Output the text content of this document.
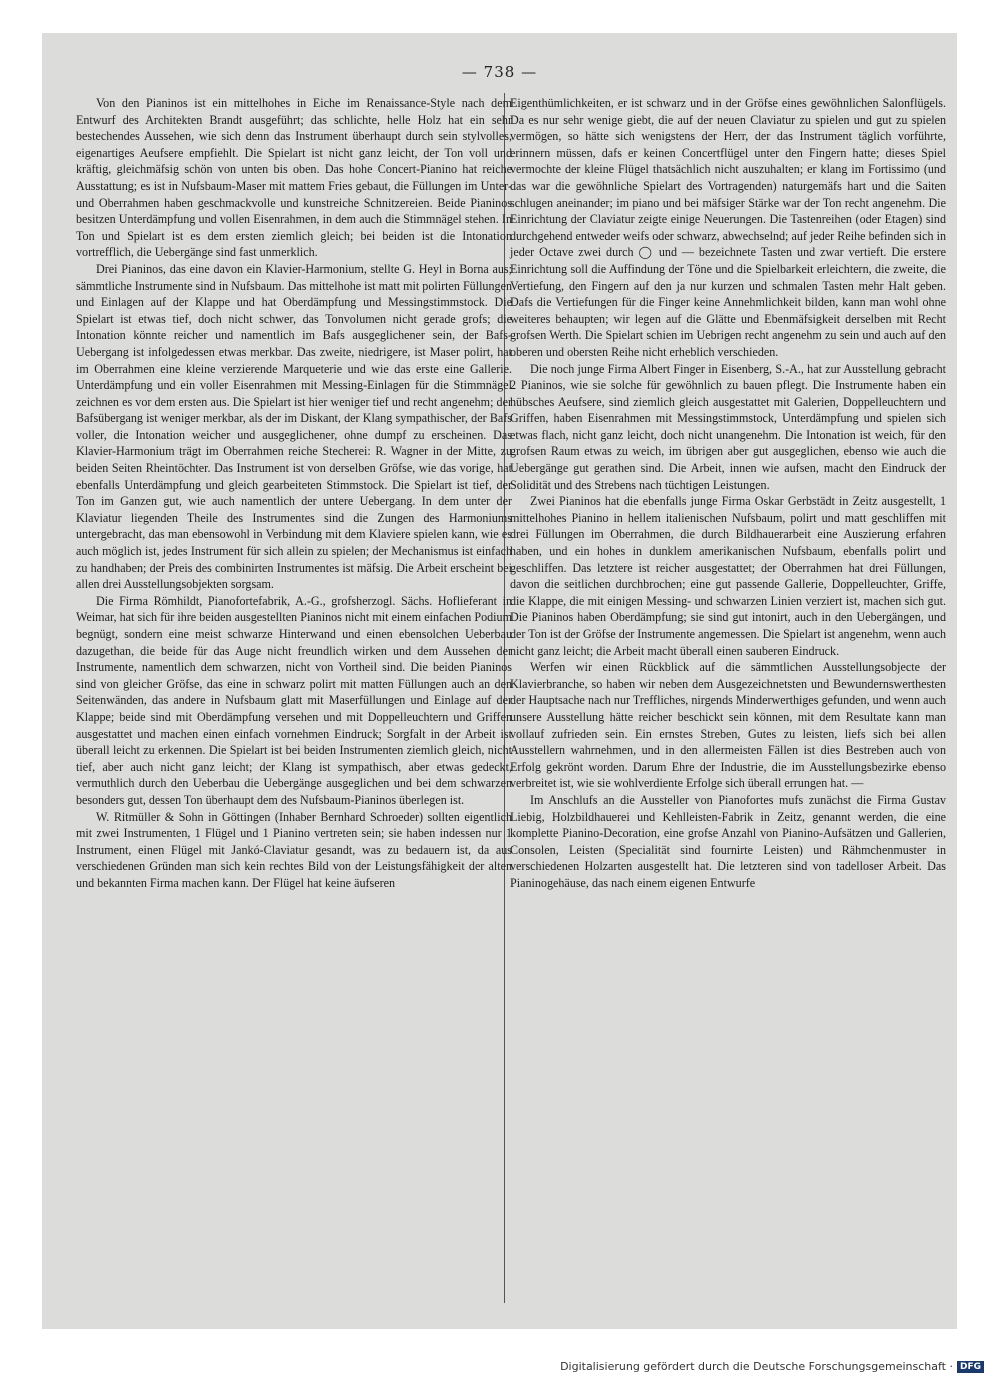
— 738 —

Von den Pianinos ist ein mittelhohes in Eiche im Renaissance-Style nach dem Entwurf des Architekten Brandt ausgeführt; das schlichte, helle Holz hat ein sehr bestechendes Aussehen, wie sich denn das Instrument überhaupt durch sein stylvolles, eigenartiges Aeufsere empfiehlt. Die Spielart ist nicht ganz leicht, der Ton voll und kräftig, gleichmäfsig schön von unten bis oben. Das hohe Concert-Pianino hat reiche Ausstattung; es ist in Nufsbaum-Maser mit mattem Fries gebaut, die Füllungen im Unter- und Oberrahmen haben geschmackvolle und kunstreiche Schnitzereien. Beide Pianinos besitzen Unterdämpfung und vollen Eisenrahmen, in dem auch die Stimmnägel stehen. In Ton und Spielart ist es dem ersten ziemlich gleich; bei beiden ist die Intonation vortrefflich, die Uebergänge sind fast unmerklich.

Drei Pianinos, das eine davon ein Klavier-Harmonium, stellte G. Heyl in Borna aus; sämmtliche Instrumente sind in Nufsbaum. Das mittelhohe ist matt mit polirten Füllungen und Einlagen auf der Klappe und hat Oberdämpfung und Messingstimmstock. Die Spielart ist etwas tief, doch nicht schwer, das Tonvolumen nicht gerade grofs; die Intonation könnte reicher und namentlich im Bafs ausgeglichener sein, der Bafs-Uebergang ist infolgedessen etwas merkbar. Das zweite, niedrigere, ist Maser polirt, hat im Oberrahmen eine kleine verzierende Marqueterie und wie das erste eine Gallerie. Unterdämpfung und ein voller Eisenrahmen mit Messing-Einlagen für die Stimmnägel zeichnen es vor dem ersten aus. Die Spielart ist hier weniger tief und recht angenehm; der Bafsübergang ist weniger merkbar, als der im Diskant, der Klang sympathischer, der Bafs voller, die Intonation weicher und ausgeglichener, ohne dumpf zu erscheinen. Das Klavier-Harmonium trägt im Oberrahmen reiche Stecherei: R. Wagner in der Mitte, zu beiden Seiten Rheintöchter. Das Instrument ist von derselben Gröfse, wie das vorige, hat ebenfalls Unterdämpfung und gleich gearbeiteten Stimmstock. Die Spielart ist tief, der Ton im Ganzen gut, wie auch namentlich der untere Uebergang. In dem unter der Klaviatur liegenden Theile des Instrumentes sind die Zungen des Harmoniums untergebracht, das man ebensowohl in Verbindung mit dem Klaviere spielen kann, wie es auch möglich ist, jedes Instrument für sich allein zu spielen; der Mechanismus ist einfach zu handhaben; der Preis des combinirten Instrumentes ist mäfsig. Die Arbeit erscheint bei allen drei Ausstellungsobjekten sorgsam.

Die Firma Römhildt, Pianofortefabrik, A.-G., grofsherzogl. Sächs. Hoflieferant in Weimar, hat sich für ihre beiden ausgestellten Pianinos nicht mit einem einfachen Podium begnügt, sondern eine meist schwarze Hinterwand und einen ebensolchen Ueberbau dazugethan, die beide für das Auge nicht freundlich wirken und dem Aussehen der Instrumente, namentlich dem schwarzen, nicht von Vortheil sind. Die beiden Pianinos sind von gleicher Gröfse, das eine in schwarz polirt mit matten Füllungen auch an den Seitenwänden, das andere in Nufsbaum glatt mit Maserfüllungen und Einlage auf der Klappe; beide sind mit Oberdämpfung versehen und mit Doppelleuchtern und Griffen ausgestattet und machen einen einfach vornehmen Eindruck; Sorgfalt in der Arbeit ist überall leicht zu erkennen. Die Spielart ist bei beiden Instrumenten ziemlich gleich, nicht tief, aber auch nicht ganz leicht; der Klang ist sympathisch, aber etwas gedeckt, vermuthlich durch den Ueberbau die Uebergänge ausgeglichen und bei dem schwarzen besonders gut, dessen Ton überhaupt dem des Nufsbaum-Pianinos überlegen ist.

W. Ritmüller & Sohn in Göttingen (Inhaber Bernhard Schroeder) sollten eigentlich mit zwei Instrumenten, 1 Flügel und 1 Pianino vertreten sein; sie haben indessen nur 1 Instrument, einen Flügel mit Jankó-Claviatur gesandt, was zu bedauern ist, da aus verschiedenen Gründen man sich kein rechtes Bild von der Leistungsfähigkeit der alten und bekannten Firma machen kann. Der Flügel hat keine äufseren

Eigenthümlichkeiten, er ist schwarz und in der Gröfse eines gewöhnlichen Salonflügels. Da es nur sehr wenige giebt, die auf der neuen Claviatur zu spielen und gut zu spielen vermögen, so hätte sich wenigstens der Herr, der das Instrument täglich vorführte, erinnern müssen, dafs er keinen Concertflügel unter den Fingern hatte; dieses Spiel vermochte der kleine Flügel thatsächlich nicht auszuhalten; er klang im Fortissimo (und das war die gewöhnliche Spielart des Vortragenden) naturgemäfs hart und die Saiten schlugen aneinander; im piano und bei mäfsiger Stärke war der Ton recht angenehm. Die Einrichtung der Claviatur zeigte einige Neuerungen. Die Tastenreihen (oder Etagen) sind durchgehend entweder weifs oder schwarz, abwechselnd; auf jeder Reihe befinden sich in jeder Octave zwei durch ◯ und — bezeichnete Tasten und zwar vertieft. Die erstere Einrichtung soll die Auffindung der Töne und die Spielbarkeit erleichtern, die zweite, die Vertiefung, den Fingern auf den ja nur kurzen und schmalen Tasten mehr Halt geben. Dafs die Vertiefungen für die Finger keine Annehmlichkeit bilden, kann man wohl ohne weiteres behaupten; wir legen auf die Glätte und Ebenmäfsigkeit derselben mit Recht grofsen Werth. Die Spielart schien im Uebrigen recht angenehm zu sein und auch auf den oberen und obersten Reihe nicht erheblich verschieden.

Die noch junge Firma Albert Finger in Eisenberg, S.-A., hat zur Ausstellung gebracht 2 Pianinos, wie sie solche für gewöhnlich zu bauen pflegt. Die Instrumente haben ein hübsches Aeufsere, sind ziemlich gleich ausgestattet mit Galerien, Doppelleuchtern und Griffen, haben Eisenrahmen mit Messingstimmstock, Unterdämpfung und spielen sich etwas flach, nicht ganz leicht, doch nicht unangenehm. Die Intonation ist weich, für den grofsen Raum etwas zu weich, im übrigen aber gut ausgeglichen, ebenso wie auch die Uebergänge gut gerathen sind. Die Arbeit, innen wie aufsen, macht den Eindruck der Solidität und des Strebens nach tüchtigen Leistungen.

Zwei Pianinos hat die ebenfalls junge Firma Oskar Gerbstädt in Zeitz ausgestellt, 1 mittelhohes Pianino in hellem italienischen Nufsbaum, polirt und matt geschliffen mit drei Füllungen im Oberrahmen, die durch Bildhauerarbeit eine Auszierung erfahren haben, und ein hohes in dunklem amerikanischen Nufsbaum, ebenfalls polirt und geschliffen. Das letztere ist reicher ausgestattet; der Oberrahmen hat drei Füllungen, davon die seitlichen durchbrochen; eine gut passende Gallerie, Doppelleuchter, Griffe, die Klappe, die mit einigen Messing- und schwarzen Linien verziert ist, machen sich gut. Die Pianinos haben Oberdämpfung; sie sind gut intonirt, auch in den Uebergängen, und der Ton ist der Gröfse der Instrumente angemessen. Die Spielart ist angenehm, wenn auch nicht ganz leicht; die Arbeit macht überall einen sauberen Eindruck.

Werfen wir einen Rückblick auf die sämmtlichen Ausstellungsobjecte der Klavierbranche, so haben wir neben dem Ausgezeichnetsten und Bewundernswerthesten der Hauptsache nach nur Treffliches, nirgends Minderwerthiges gefunden, und wenn auch unsere Ausstellung hätte reicher beschickt sein können, mit dem Resultate kann man vollauf zufrieden sein. Ein ernstes Streben, Gutes zu leisten, liefs sich bei allen Ausstellern wahrnehmen, und in den allermeisten Fällen ist dies Bestreben auch von Erfolg gekrönt worden. Darum Ehre der Industrie, die im Ausstellungsbezirke ebenso verbreitet ist, wie sie wohlverdiente Erfolge sich überall errungen hat. —

Im Anschlufs an die Aussteller von Pianofortes mufs zunächst die Firma Gustav Liebig, Holzbildhauerei und Kehlleisten-Fabrik in Zeitz, genannt werden, die eine komplette Pianino-Decoration, eine grofse Anzahl von Pianino-Aufsätzen und Gallerien, Consolen, Leisten (Specialität sind fournirte Leisten) und Rähmchenmuster in verschiedenen Holzarten ausgestellt hat. Die letzteren sind von tadelloser Arbeit. Das Pianinogehäuse, das nach einem eigenen Entwurfe

Digitalisierung gefördert durch die Deutsche Forschungsgemeinschaft · DFG
